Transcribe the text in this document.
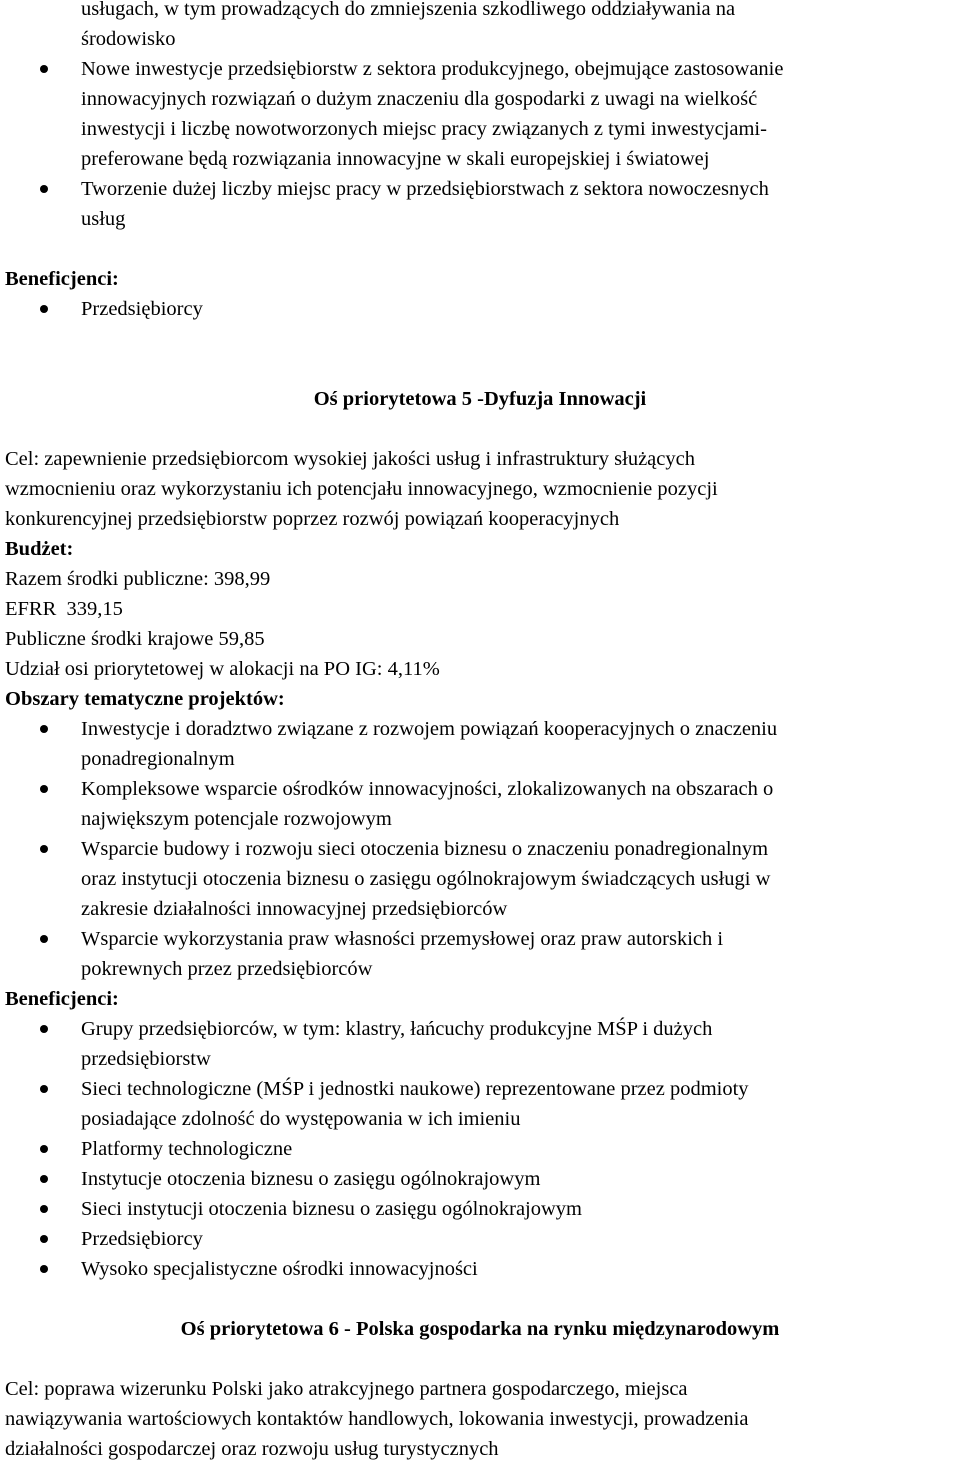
usługach, w tym prowadzących do zmniejszenia szkodliwego oddziaływania na
środowisko
Nowe inwestycje przedsiębiorstw z sektora produkcyjnego, obejmujące zastosowanie
innowacyjnych rozwiązań o dużym znaczeniu dla gospodarki z uwagi na wielkość
inwestycji i liczbę nowotworzonych miejsc pracy związanych z tymi inwestycjami-
preferowane będą rozwiązania innowacyjne w skali europejskiej i światowej
Tworzenie dużej liczby miejsc pracy w przedsiębiorstwach z sektora nowoczesnych
usług
Beneficjenci:
Przedsiębiorcy
Oś priorytetowa 5 -Dyfuzja Innowacji
Cel: zapewnienie przedsiębiorcom wysokiej jakości usług i infrastruktury służących
wzmocnieniu oraz wykorzystaniu ich potencjału innowacyjnego, wzmocnienie pozycji
konkurencyjnej przedsiębiorstw poprzez rozwój powiązań kooperacyjnych
Budżet:
Razem środki publiczne: 398,99
EFRR  339,15
Publiczne środki krajowe 59,85
Udział osi priorytetowej w alokacji na PO IG: 4,11%
Obszary tematyczne projektów:
Inwestycje i doradztwo związane z rozwojem powiązań kooperacyjnych o znaczeniu
ponadregionalnym
Kompleksowe wsparcie ośrodków innowacyjności, zlokalizowanych na obszarach o
największym potencjale rozwojowym
Wsparcie budowy i rozwoju sieci otoczenia biznesu o znaczeniu ponadregionalnym
oraz instytucji otoczenia biznesu o zasięgu ogólnokrajowym świadczących usługi w
zakresie działalności innowacyjnej przedsiębiorców
Wsparcie wykorzystania praw własności przemysłowej oraz praw autorskich i
pokrewnych przez przedsiębiorców
Beneficjenci:
Grupy przedsiębiorców, w tym: klastry, łańcuchy produkcyjne MŚP i dużych
przedsiębiorstw
Sieci technologiczne (MŚP i jednostki naukowe) reprezentowane przez podmioty
posiadające zdolność do występowania w ich imieniu
Platformy technologiczne
Instytucje otoczenia biznesu o zasięgu ogólnokrajowym
Sieci instytucji otoczenia biznesu o zasięgu ogólnokrajowym
Przedsiębiorcy
Wysoko specjalistyczne ośrodki innowacyjności
Oś priorytetowa 6 - Polska gospodarka na rynku międzynarodowym
Cel: poprawa wizerunku Polski jako atrakcyjnego partnera gospodarczego, miejsca
nawiązywania wartościowych kontaktów handlowych, lokowania inwestycji, prowadzenia
działalności gospodarczej oraz rozwoju usług turystycznych
